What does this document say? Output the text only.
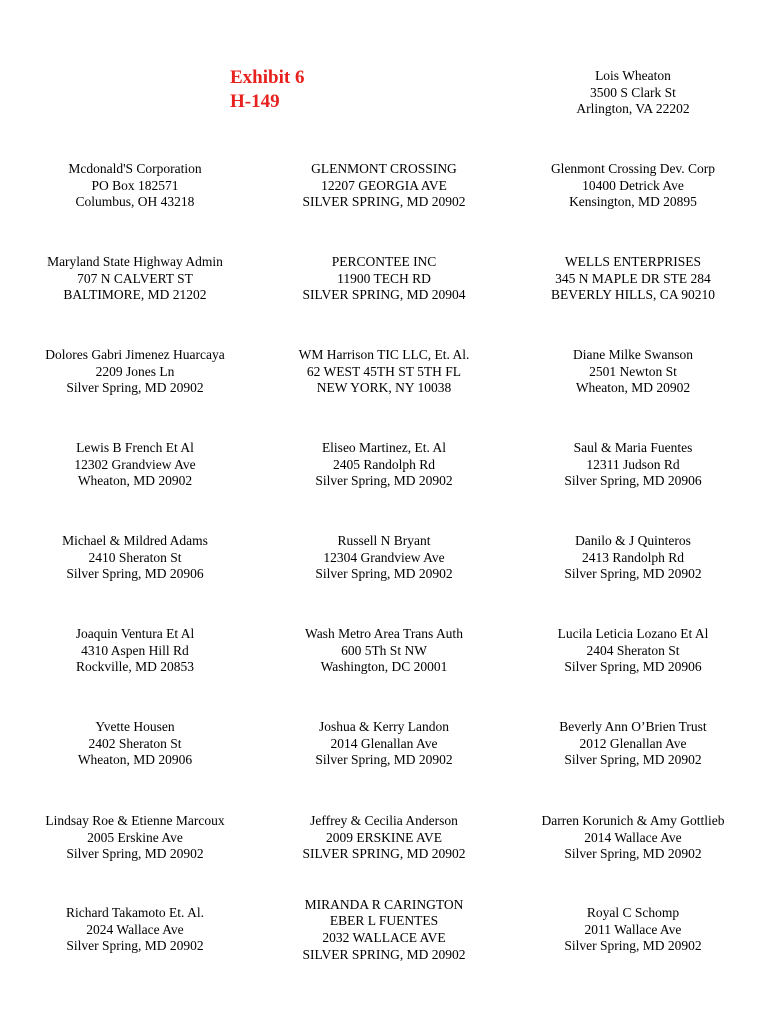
Exhibit 6
H-149
Lois Wheaton
3500 S Clark St
Arlington, VA 22202
Mcdonald'S Corporation
PO Box 182571
Columbus, OH 43218
GLENMONT CROSSING
12207 GEORGIA AVE
SILVER SPRING, MD 20902
Glenmont Crossing Dev. Corp
10400 Detrick Ave
Kensington, MD 20895
Maryland State Highway Admin
707 N CALVERT ST
BALTIMORE, MD 21202
PERCONTEE INC
11900 TECH RD
SILVER SPRING, MD 20904
WELLS ENTERPRISES
345 N MAPLE DR STE 284
BEVERLY HILLS, CA 90210
Dolores Gabri Jimenez Huarcaya
2209 Jones Ln
Silver Spring, MD 20902
WM Harrison TIC LLC, Et. Al.
62 WEST 45TH ST 5TH FL
NEW YORK, NY 10038
Diane Milke Swanson
2501 Newton St
Wheaton, MD 20902
Lewis B French Et Al
12302 Grandview Ave
Wheaton, MD 20902
Eliseo Martinez, Et. Al
2405 Randolph Rd
Silver Spring, MD 20902
Saul & Maria Fuentes
12311 Judson Rd
Silver Spring, MD 20906
Michael & Mildred Adams
2410 Sheraton St
Silver Spring, MD 20906
Russell N Bryant
12304 Grandview Ave
Silver Spring, MD 20902
Danilo & J Quinteros
2413 Randolph Rd
Silver Spring, MD 20902
Joaquin Ventura Et Al
4310 Aspen Hill Rd
Rockville, MD 20853
Wash Metro Area Trans Auth
600 5Th St NW
Washington, DC 20001
Lucila Leticia Lozano Et Al
2404 Sheraton St
Silver Spring, MD 20906
Yvette Housen
2402 Sheraton St
Wheaton, MD 20906
Joshua & Kerry Landon
2014 Glenallan Ave
Silver Spring, MD 20902
Beverly Ann O’Brien Trust
2012 Glenallan Ave
Silver Spring, MD 20902
Lindsay Roe & Etienne Marcoux
2005 Erskine Ave
Silver Spring, MD 20902
Jeffrey & Cecilia Anderson
2009 ERSKINE AVE
SILVER SPRING, MD 20902
Darren Korunich & Amy Gottlieb
2014 Wallace Ave
Silver Spring, MD 20902
Richard Takamoto Et. Al.
2024 Wallace Ave
Silver Spring, MD 20902
MIRANDA R CARINGTON
EBER L FUENTES
2032 WALLACE AVE
SILVER SPRING, MD 20902
Royal C Schomp
2011 Wallace Ave
Silver Spring, MD 20902
